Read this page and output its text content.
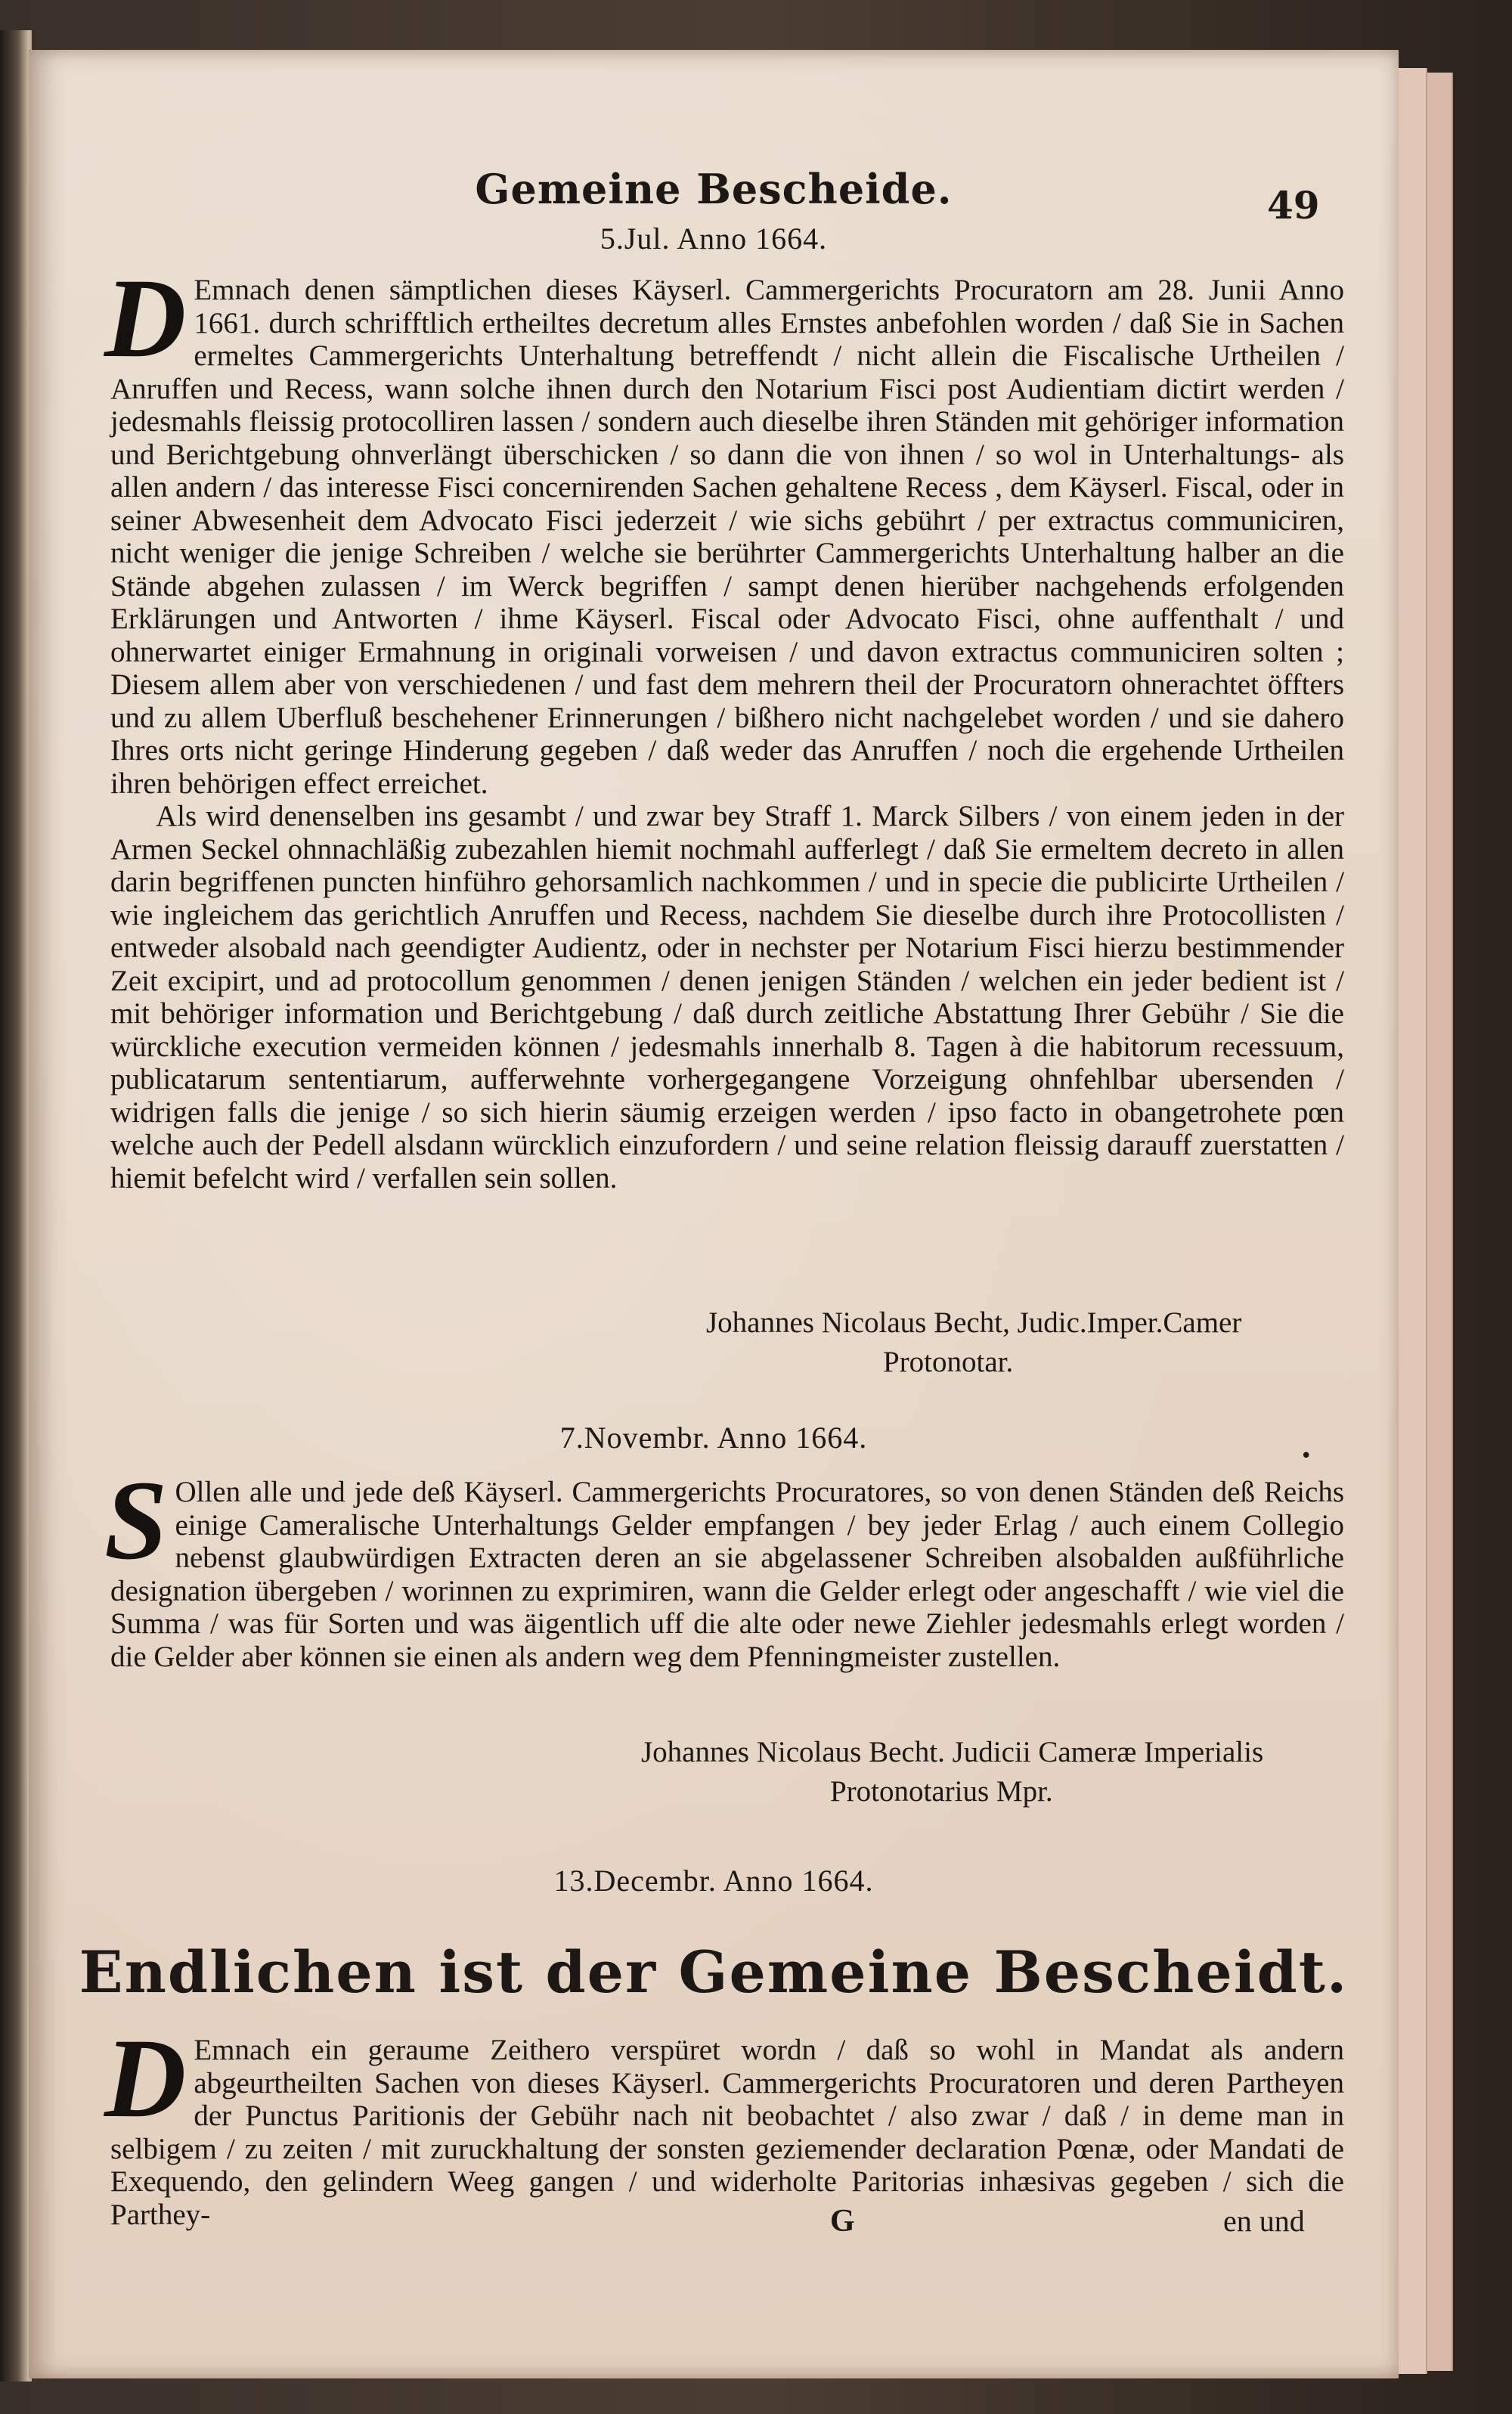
Gemeine Bescheide.	49
5.Jul. Anno 1664.

D Emnach denen sämptlichen dieses Käyserl. Cammergerichts Procuratorn am 28. Junii Anno 1661. durch schrifftlich ertheiltes decretum alles Ernstes anbefohlen worden / daß Sie in Sachen ermeltes Cammergerichts Unterhaltung betreffendt / nicht allein die Fiscalische Urtheilen / Anruffen und Recess, wann solche ihnen durch den Notarium Fisci post Audientiam dictirt werden / jedesmahls fleissig protocolliren lassen / sondern auch dieselbe ihren Ständen mit gehöriger information und Berichtgebung ohnverlängt überschicken / so dann die von ihnen / so wol in Unterhaltungs- als allen andern / das interesse Fisci concernirenden Sachen gehaltene Recess , dem Käyserl. Fiscal, oder in seiner Abwesenheit dem Advocato Fisci jederzeit / wie sichs gebührt / per extractus communiciren, nicht weniger die jenige Schreiben / welche sie berührter Cammergerichts Unterhaltung halber an die Stände abgehen zulassen / im Werck begriffen / sampt denen hierüber nachgehends erfolgenden Erklärungen und Antworten / ihme Käyserl. Fiscal oder Advocato Fisci, ohne auffenthalt / und ohnerwartet einiger Ermahnung in originali vorweisen / und davon extractus communiciren solten ; Diesem allem aber von verschiedenen / und fast dem mehrern theil der Procuratorn ohnerachtet öffters und zu allem Uberfluß beschehener Erinnerungen / bißhero nicht nachgelebet worden / und sie dahero Ihres orts nicht geringe Hinderung gegeben / daß weder das Anruffen / noch die ergehende Urtheilen ihren behörigen effect erreichet.

Als wird denenselben ins gesambt / und zwar bey Straff 1. Marck Silbers / von einem jeden in der Armen Seckel ohnnachläßig zubezahlen hiemit nochmahl aufferlegt / daß Sie ermeltem decreto in allen darin begriffenen puncten hinführo gehorsamlich nachkommen / und in specie die publicirte Urtheilen / wie ingleichem das gerichtlich Anruffen und Recess, nachdem Sie dieselbe durch ihre Protocollisten / entweder alsobald nach geendigter Audientz, oder in nechster per Notarium Fisci hierzu bestimmender Zeit excipirt, und ad protocollum genommen / denen jenigen Ständen / welchen ein jeder bedient ist / mit behöriger information und Berichtgebung / daß durch zeitliche Abstattung Ihrer Gebühr / Sie die würckliche execution vermeiden können / jedesmahls innerhalb 8. Tagen à die habitorum recessuum, publicatarum sententiarum, aufferwehnte vorhergegangene Vorzeigung ohnfehlbar ubersenden / widrigen falls die jenige / so sich hierin säumig erzeigen werden / ipso facto in obangetrohete pœn welche auch der Pedell alsdann würcklich einzufordern / und seine relation fleissig darauff zuerstatten / hiemit befelcht wird / verfallen sein sollen.

Johannes Nicolaus Becht, Judic.Imper.Camer
Protonotar.
•
7.Novembr. Anno 1664.

S Ollen alle und jede deß Käyserl. Cammergerichts Procuratores, so von denen Ständen deß Reichs einige Cameralische Unterhaltungs Gelder empfangen / bey jeder Erlag / auch einem Collegio nebenst glaubwürdigen Extracten deren an sie abgelassener Schreiben alsobalden außführliche designation übergeben / worinnen zu exprimiren, wann die Gelder erlegt oder angeschafft / wie viel die Summa / was für Sorten und was äigentlich uff die alte oder newe Ziehler jedesmahls erlegt worden / die Gelder aber können sie einen als andern weg dem Pfenningmeister zustellen.

Johannes Nicolaus Becht. Judicii Cameræ Imperialis
Protonotarius Mpr.
13.Decembr. Anno 1664.
Endlichen ist der Gemeine Bescheidt.

D Emnach ein geraume Zeithero verspüret wordn / daß so wohl in Mandat als andern abgeurtheilten Sachen von dieses Käyserl. Cammergerichts Procuratoren und deren Partheyen der Punctus Paritionis der Gebühr nach nit beobachtet / also zwar / daß / in deme man in selbigem / zu zeiten / mit zuruckhaltung der sonsten geziemender declaration Pœnæ, oder Mandati de Exequendo, den gelindern Weeg gangen / und widerholte Paritorias inhæsivas gegeben / sich die Parthey-	G	en und
